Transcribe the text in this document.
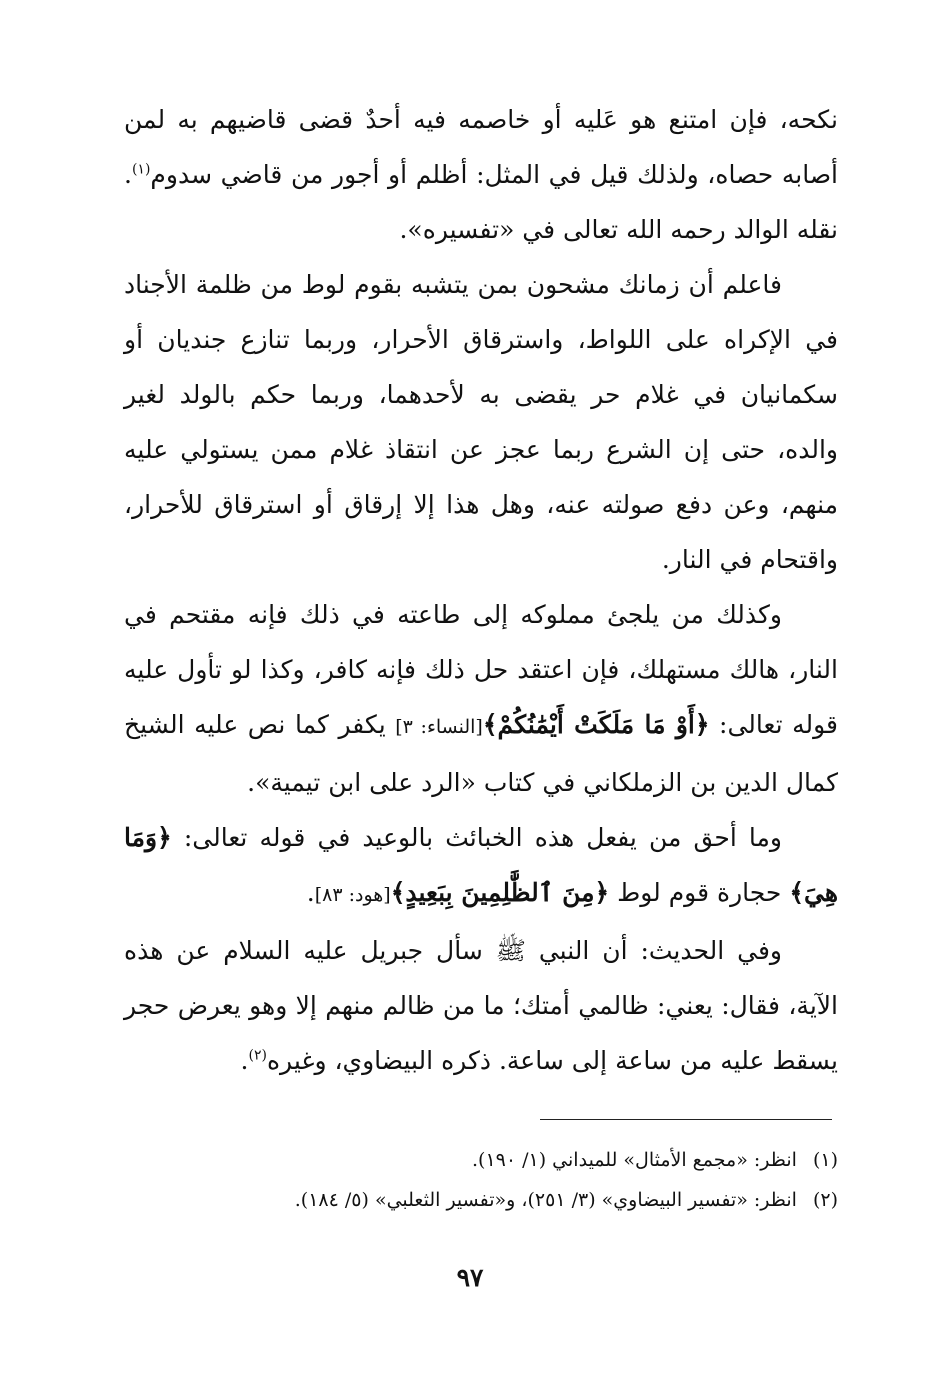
نكحه، فإن امتنع هو عَليه أو خاصمه فيه أحدٌ قضى قاضيهم به لمن أصابه حصاه، ولذلك قيل في المثل: أظلم أو أجور من قاضي سدوم$^{(١)}$. نقله الوالد رحمه الله تعالى في «تفسيره».

فاعلم أن زمانك مشحون بمن يتشبه بقوم لوط من ظلمة الأجناد في الإكراه على اللواط، واسترقاق الأحرار، وربما تنازع جنديان أو سكمانيان في غلام حر يقضى به لأحدهما، وربما حكم بالولد لغير والده، حتى إن الشرع ربما عجز عن انتقاذ غلام ممن يستولي عليه منهم، وعن دفع صولته عنه، وهل هذا إلا إرقاق أو استرقاق للأحرار، واقتحام في النار.

وكذلك من يلجئ مملوكه إلى طاعته في ذلك فإنه مقتحم في النار، هالك مستهلك، فإن اعتقد حل ذلك فإنه كافر، وكذا لو تأول عليه قوله تعالى: ﴿أَوْ مَا مَلَكَتْ أَيْمَٰنُكُمْ﴾[النساء: ٣] يكفر كما نص عليه الشيخ كمال الدين بن الزملكاني في كتاب «الرد على ابن تيمية».

وما أحق من يفعل هذه الخبائث بالوعيد في قوله تعالى: ﴿وَمَا هِيَ﴾ حجارة قوم لوط ﴿مِنَ ٱلظَّٰلِمِينَ بِبَعِيدٍ﴾[هود: ٨٣].

وفي الحديث: أن النبي ﷺ سأل جبريل عليه السلام عن هذه الآية، فقال: يعني: ظالمي أمتك؛ ما من ظالم منهم إلا وهو يعرض حجر يسقط عليه من ساعة إلى ساعة. ذكره البيضاوي، وغيره$^{(٢)}$.

(١)انظر: «مجمع الأمثال» للميداني (١/ ١٩٠).
(٢)انظر: «تفسير البيضاوي» (٣/ ٢٥١)، و«تفسير الثعلبي» (٥/ ١٨٤).
٩٧
